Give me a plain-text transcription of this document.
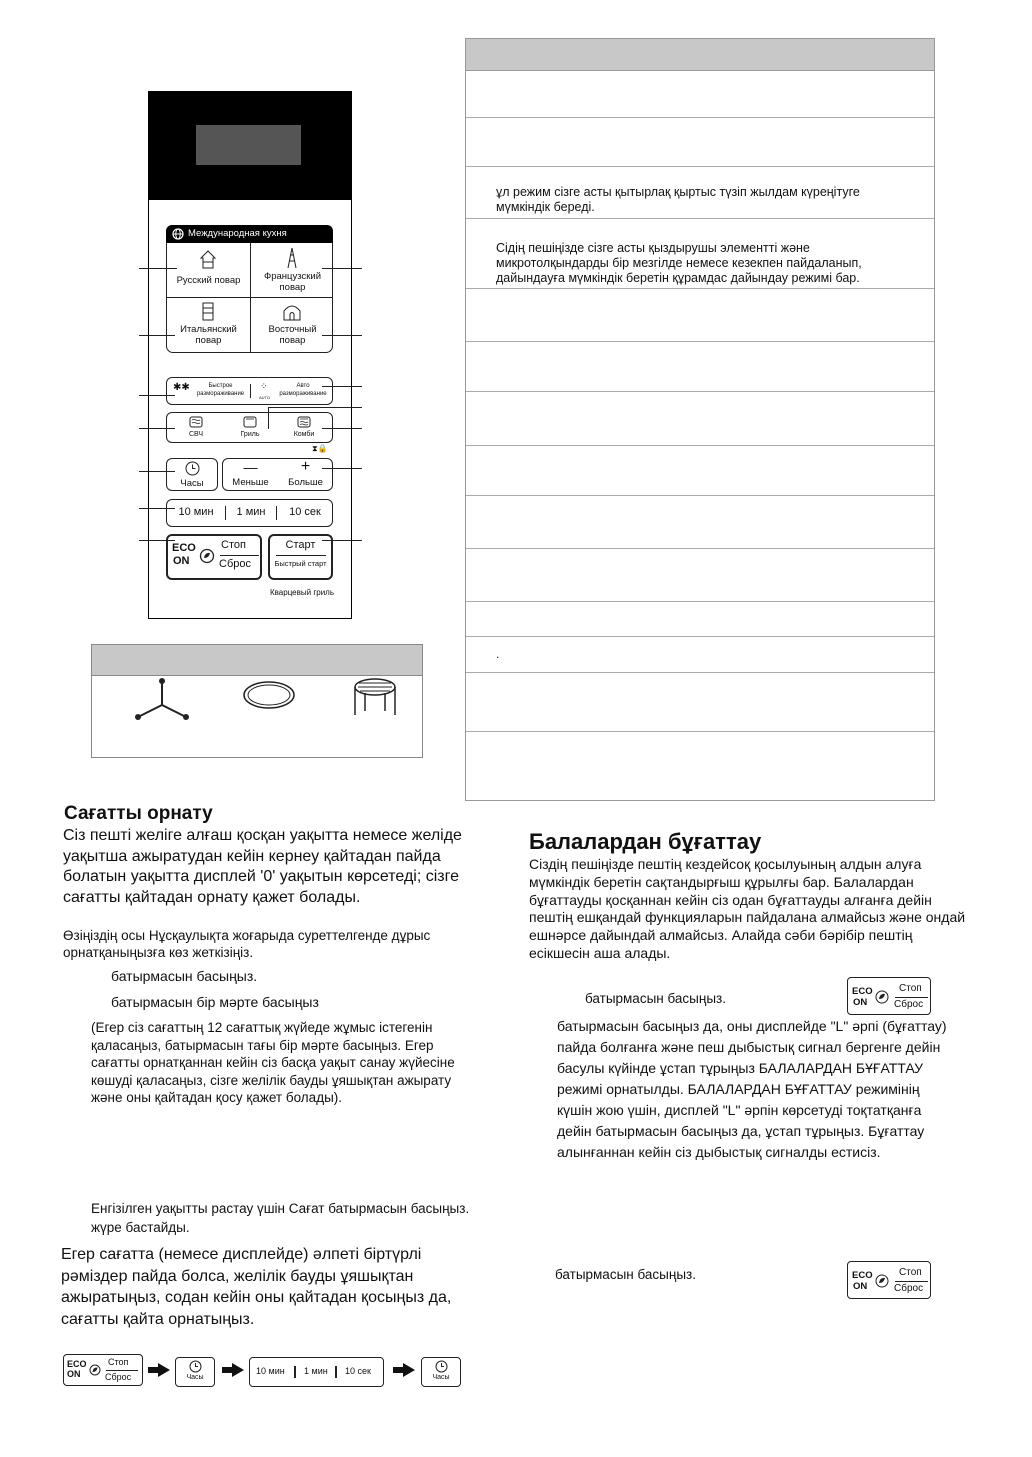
Международная кухня
Русский повар	Французский
повар
Итальянский
повар
Восточный
повар
✱✱	Быстрое
размораживание
⁘
AUTO
Авто
размораживание
СВЧ	Гриль	Комби
⧗🔒
Часы
—
Меньше
+
Больше
10 мин	1 мин	10 сек
ECO
ON
Стоп
Сброс
Старт
Быстрый старт
Кварцевый гриль
ұл режим сізге асты қытырлақ қыртыс түзіп жылдам күреңітуге мүмкіндік береді.
Сідің пешіңізде сізге асты қыздырушы элементті және микротолқындарды бір мезгілде немесе кезекпен пайдаланып, дайындауға мүмкіндік беретін құрамдас дайындау режимі бар.
.
Сағатты орнату
Сіз пешті желіге алғаш қосқан уақытта немесе желіде уақытша ажыратудан кейін кернеу қайтадан пайда болатын уақытта дисплей '0' уақытын көрсетеді; сізге сағатты қайтадан орнату қажет болады.
Өзіңіздің осы Нұсқаулықта жоғарыда суреттелгенде дұрыс орнатқаныңызға көз жеткізіңіз.
батырмасын басыңыз.
батырмасын бір мәрте басыңыз
(Егер сіз сағаттың 12 сағаттық жүйеде жұмыс істегенін қаласаңыз, батырмасын тағы бір мәрте басыңыз. Егер сағатты орнатқаннан кейін сіз басқа уақыт санау жүйесіне көшуді қаласаңыз, сізге желілік бауды ұяшықтан ажырату және оны қайтадан қосу қажет болады).
Енгізілген уақытты растау үшін Сағат батырмасын басыңыз. жүре бастайды.
Егер сағатта (немесе дисплейде) әлпеті біртүрлі рәміздер пайда болса, желілік бауды ұяшықтан ажыратыңыз, содан кейін оны қайтадан қосыңыз да, сағатты қайта орнатыңыз.
ECO
ON
Стоп
Сброс	Часы
10 мин 1 мин 10 сек
Часы
Балалардан бұғаттау
Сіздің пешіңізде пештің кездейсоқ қосылуының алдын алуға мүмкіндік беретін сақтандырғыш құрылғы бар. Балалардан бұғаттауды қосқаннан кейін сіз одан бұғаттауды алғанға дейін пештің ешқандай функцияларын пайдалана алмайсыз және ондай ешнәрсе дайындай алмайсыз. Алайда сәби бәрібір пештің есікшесін аша алады.
батырмасын басыңыз.	ECO
ON
Стоп
Сброс
батырмасын басыңыз да, оны дисплейде "L" әрпі (бұғаттау) пайда болғанға және пеш дыбыстық сигнал бергенге дейін басулы күйінде ұстап тұрыңыз БАЛАЛАРДАН БҰҒАТТАУ режимі орнатылды. БАЛАЛАРДАН БҰҒАТТАУ режимінің күшін жою үшін, дисплей "L" әрпін көрсетуді тоқтатқанға дейін батырмасын басыңыз да, ұстап тұрыңыз. Бұғаттау алынғаннан кейін сіз дыбыстық сигналды естисіз.
батырмасын басыңыз.	ECO
ON
Стоп
Сброс
